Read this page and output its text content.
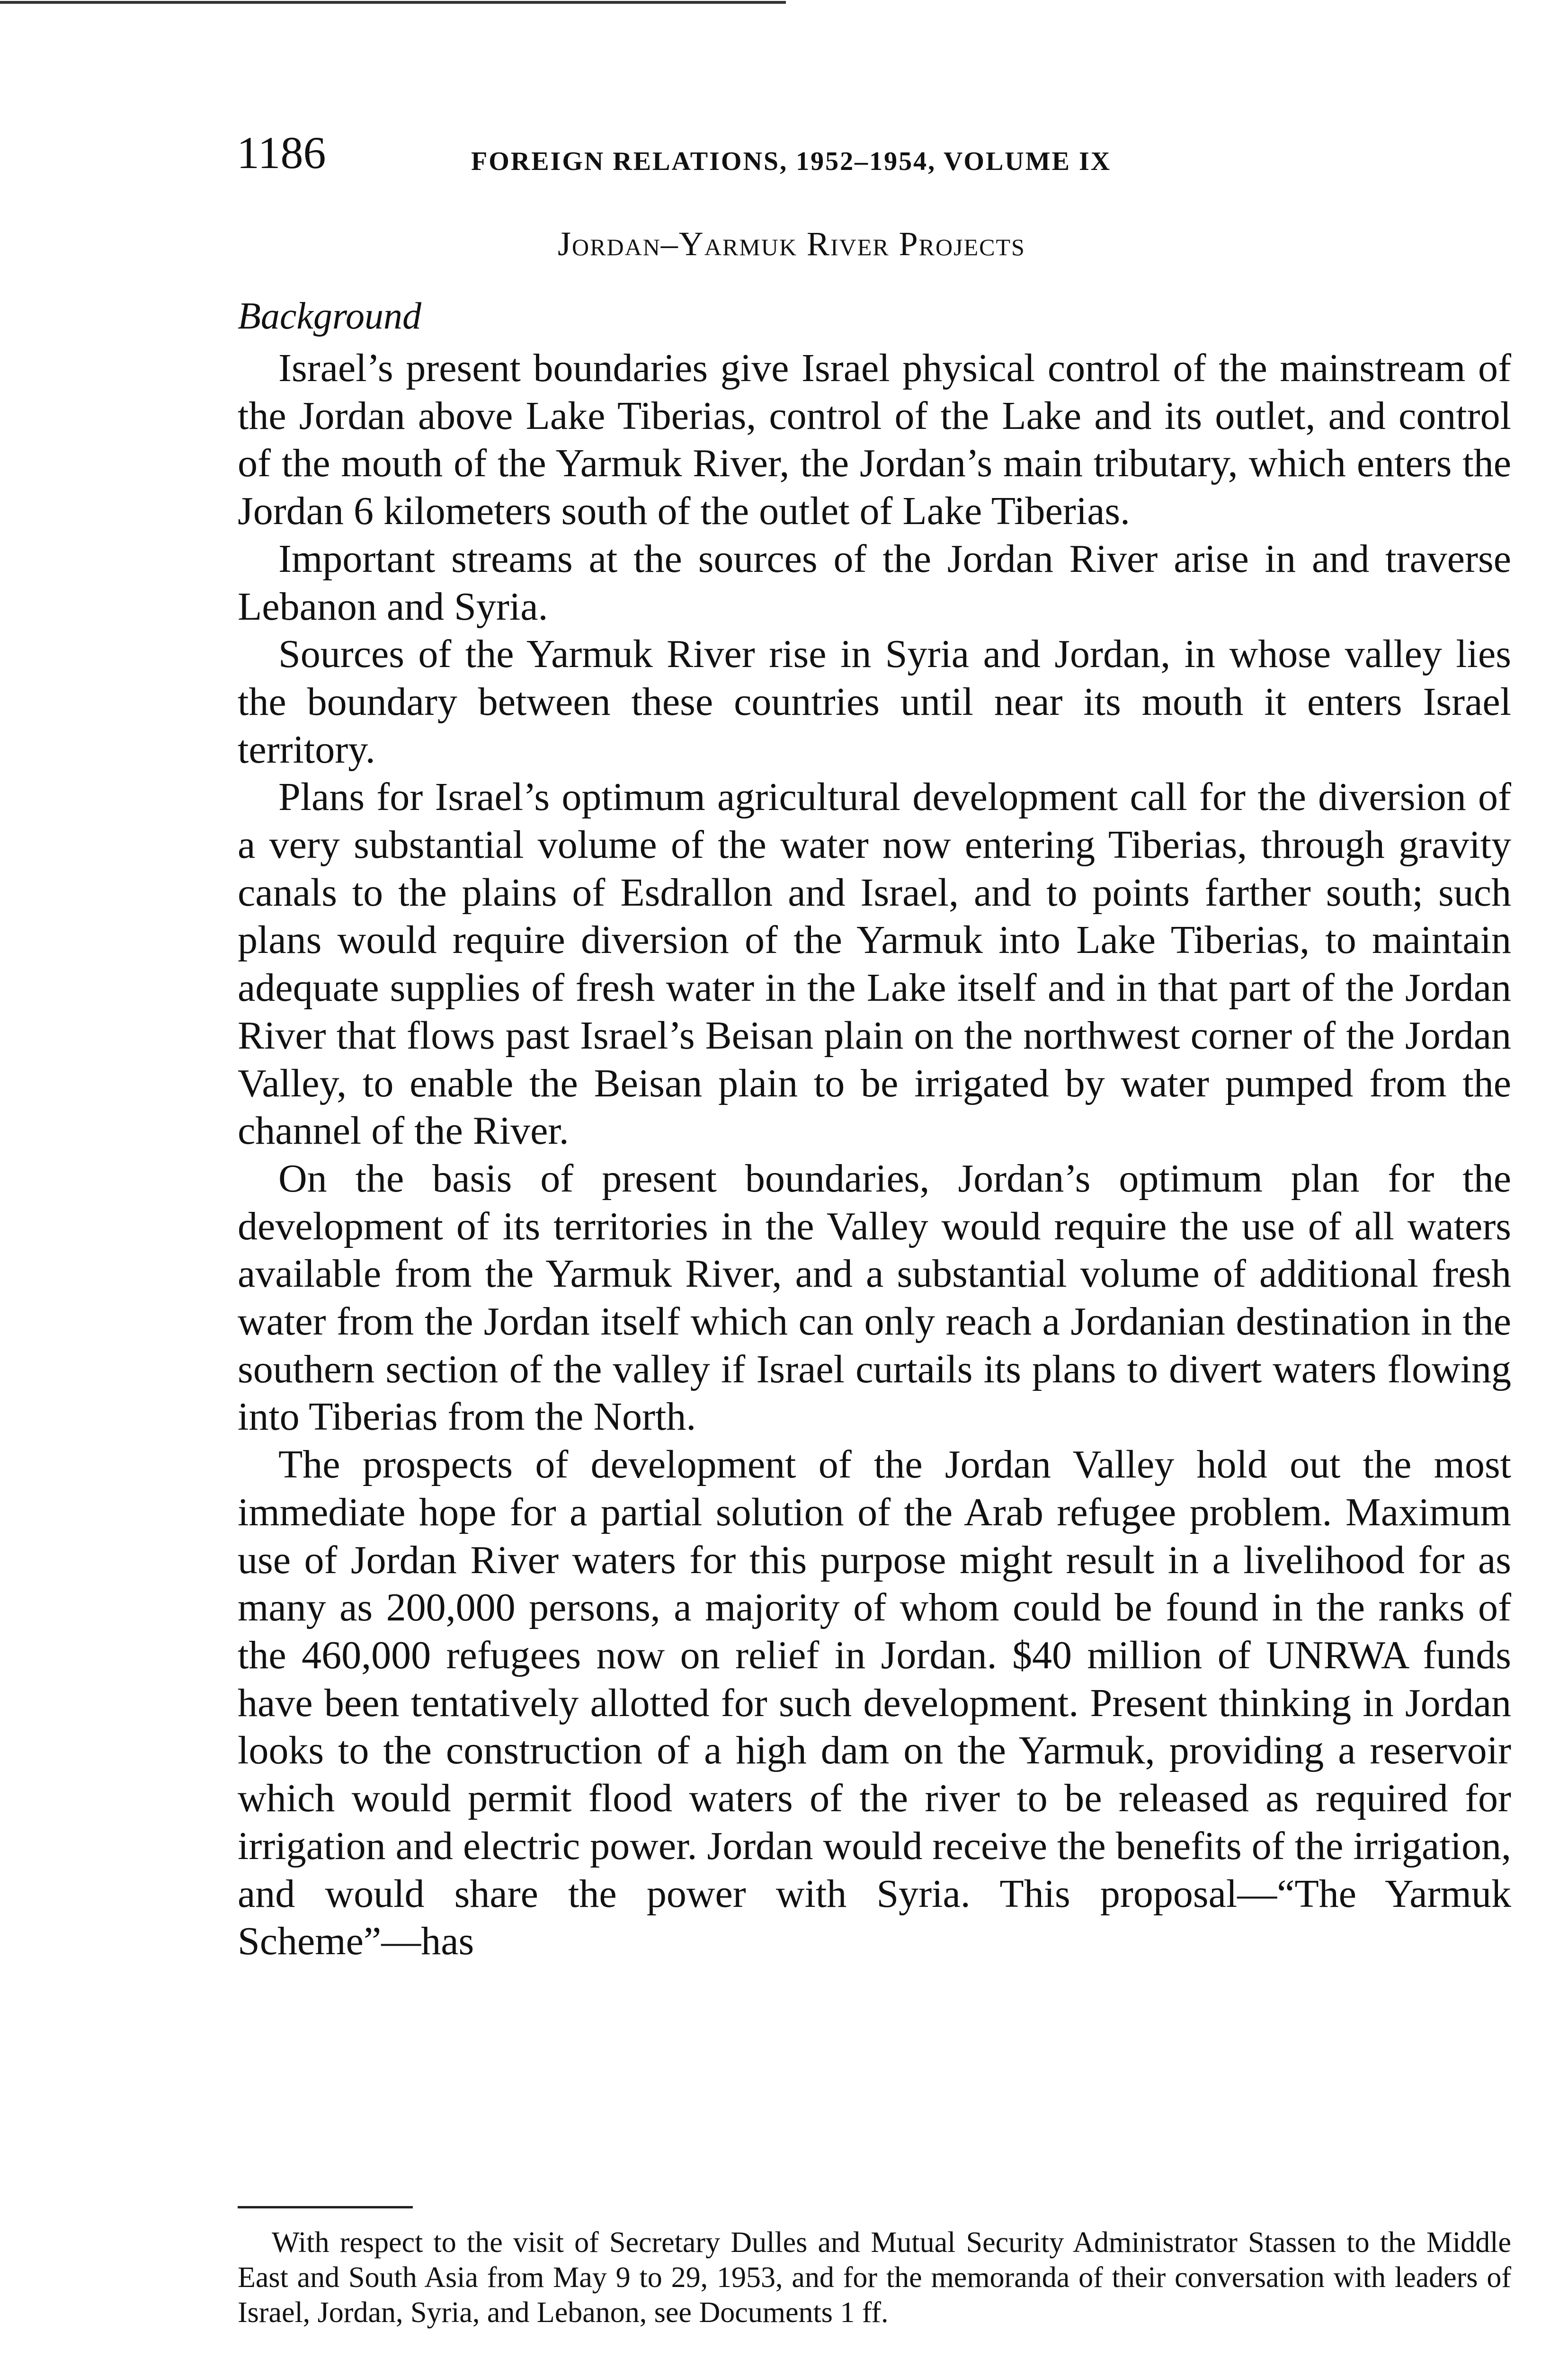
1186	FOREIGN RELATIONS, 1952–1954, VOLUME IX
Jordan–Yarmuk River Projects
Background

Israel’s present boundaries give Israel physical control of the mainstream of the Jordan above Lake Tiberias, control of the Lake and its outlet, and control of the mouth of the Yarmuk River, the Jordan’s main tributary, which enters the Jordan 6 kilometers south of the outlet of Lake Tiberias.

Important streams at the sources of the Jordan River arise in and traverse Lebanon and Syria.

Sources of the Yarmuk River rise in Syria and Jordan, in whose valley lies the boundary between these countries until near its mouth it enters Israel territory.

Plans for Israel’s optimum agricultural development call for the diversion of a very substantial volume of the water now entering Tiberias, through gravity canals to the plains of Esdrallon and Israel, and to points farther south; such plans would require diversion of the Yarmuk into Lake Tiberias, to maintain adequate supplies of fresh water in the Lake itself and in that part of the Jordan River that flows past Israel’s Beisan plain on the northwest corner of the Jordan Valley, to enable the Beisan plain to be irrigated by water pumped from the channel of the River.

On the basis of present boundaries, Jordan’s optimum plan for the development of its territories in the Valley would require the use of all waters available from the Yarmuk River, and a substantial volume of additional fresh water from the Jordan itself which can only reach a Jordanian destination in the southern section of the valley if Israel curtails its plans to divert waters flowing into Tiberias from the North.

The prospects of development of the Jordan Valley hold out the most immediate hope for a partial solution of the Arab refugee problem. Maximum use of Jordan River waters for this purpose might result in a livelihood for as many as 200,000 persons, a majority of whom could be found in the ranks of the 460,000 refugees now on relief in Jordan. $40 million of UNRWA funds have been tentatively allotted for such development. Present thinking in Jordan looks to the construction of a high dam on the Yarmuk, providing a reservoir which would permit flood waters of the river to be released as required for irrigation and electric power. Jordan would receive the benefits of the irrigation, and would share the power with Syria. This proposal—“The Yarmuk Scheme”—has

With respect to the visit of Secretary Dulles and Mutual Security Administrator Stassen to the Middle East and South Asia from May 9 to 29, 1953, and for the memoranda of their conversation with leaders of Israel, Jordan, Syria, and Lebanon, see Documents 1 ff.
